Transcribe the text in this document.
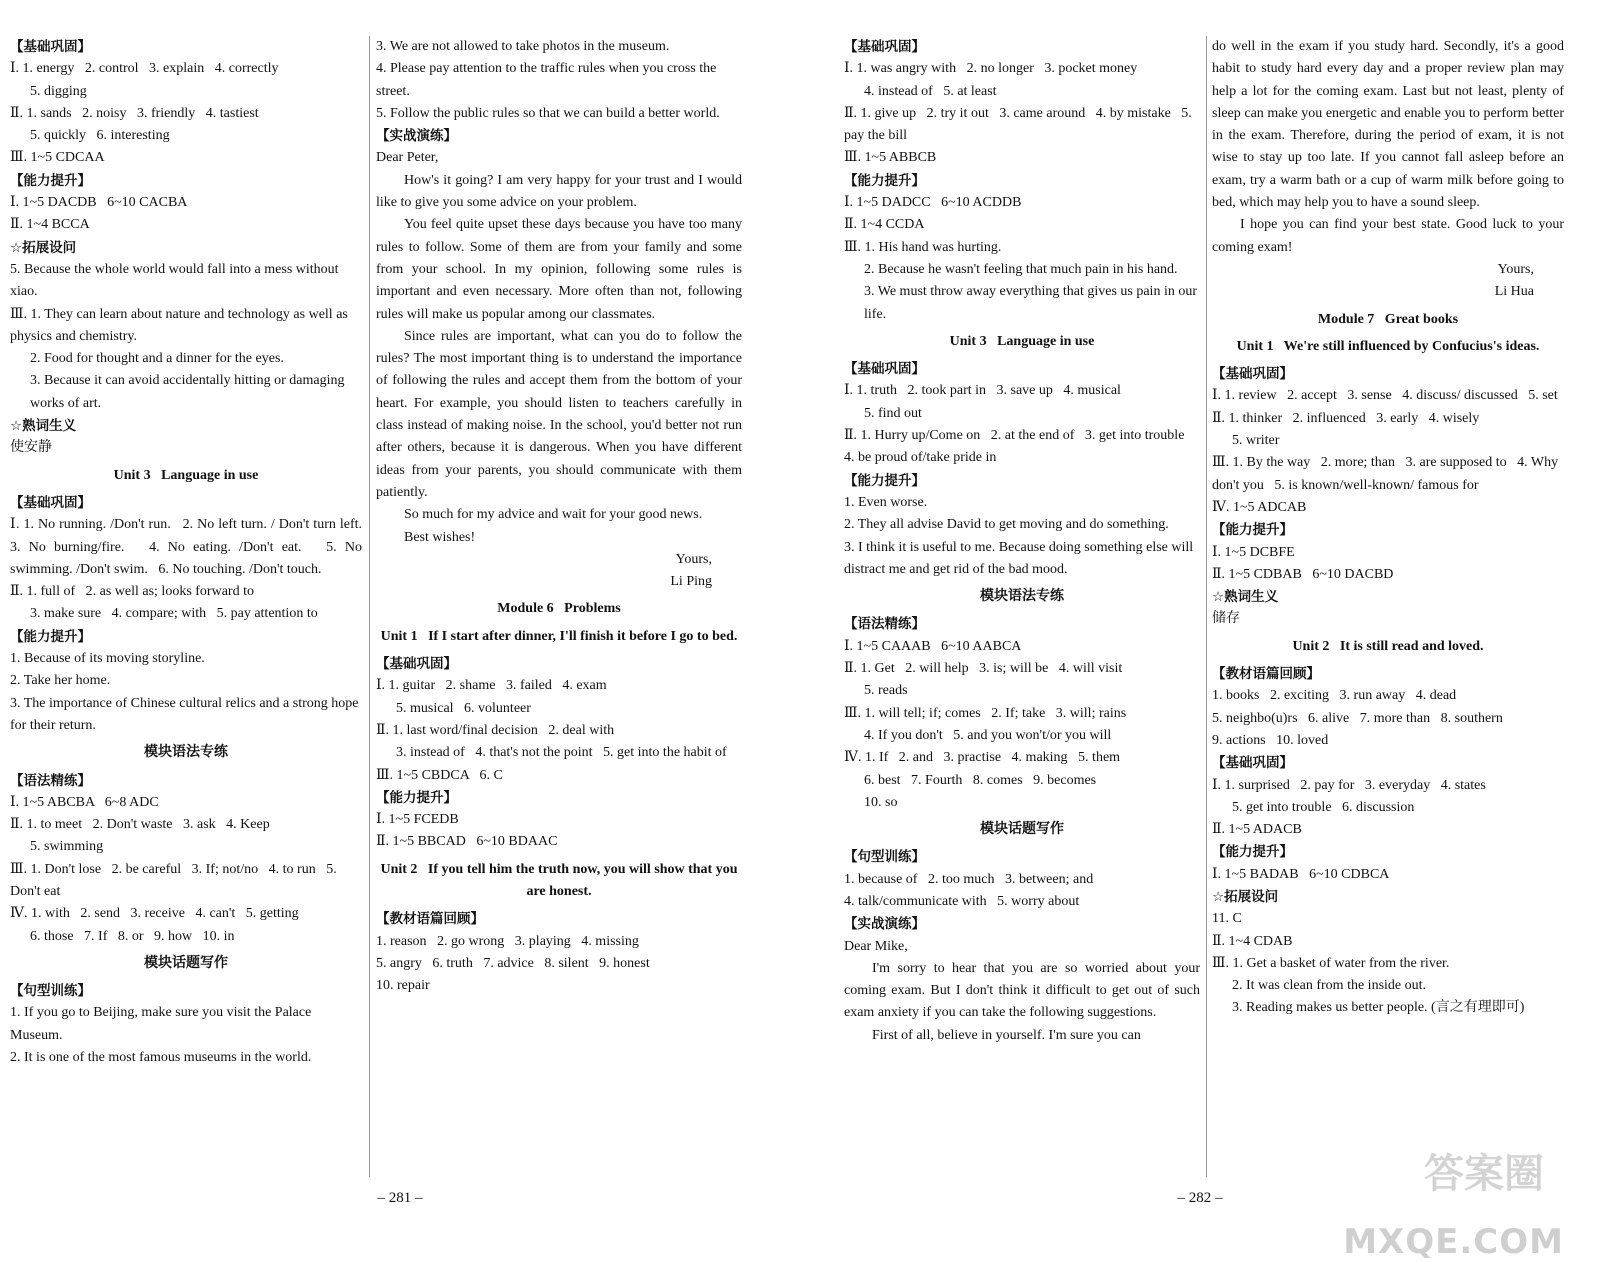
【基础巩固】
Ⅰ. 1. energy   2. control   3. explain   4. correctly
5. digging
Ⅱ. 1. sands   2. noisy   3. friendly   4. tastiest
5. quickly   6. interesting
Ⅲ. 1~5 CDCAA
【能力提升】
Ⅰ. 1~5 DACDB   6~10 CACBA
Ⅱ. 1~4 BCCA
☆拓展设问
5. Because the whole world would fall into a mess without xiao.
Ⅲ. 1. They can learn about nature and technology as well as physics and chemistry.
2. Food for thought and a dinner for the eyes.
3. Because it can avoid accidentally hitting or damaging works of art.
☆熟词生义
使安静
Unit 3   Language in use
【基础巩固】
Ⅰ. 1. No running. /Don't run.   2. No left turn. / Don't turn left.   3. No burning/fire.   4. No eating. /Don't eat.   5. No swimming. /Don't swim.   6. No touching. /Don't touch.
Ⅱ. 1. full of   2. as well as; looks forward to
3. make sure   4. compare; with   5. pay attention to
【能力提升】
1. Because of its moving storyline.
2. Take her home.
3. The importance of Chinese cultural relics and a strong hope for their return.
模块语法专练
【语法精练】
Ⅰ. 1~5 ABCBA   6~8 ADC
Ⅱ. 1. to meet   2. Don't waste   3. ask   4. Keep
5. swimming
Ⅲ. 1. Don't lose   2. be careful   3. If; not/no   4. to run   5. Don't eat
Ⅳ. 1. with   2. send   3. receive   4. can't   5. getting
6. those   7. If   8. or   9. how   10. in
模块话题写作
【句型训练】
1. If you go to Beijing, make sure you visit the Palace Museum.
2. It is one of the most famous museums in the world.
3. We are not allowed to take photos in the museum.
4. Please pay attention to the traffic rules when you cross the street.
5. Follow the public rules so that we can build a better world.
【实战演练】
Dear Peter,
How's it going? I am very happy for your trust and I would like to give you some advice on your problem.
You feel quite upset these days because you have too many rules to follow. Some of them are from your family and some from your school. In my opinion, following some rules is important and even necessary. More often than not, following rules will make us popular among our classmates.
Since rules are important, what can you do to follow the rules? The most important thing is to understand the importance of following the rules and accept them from the bottom of your heart. For example, you should listen to teachers carefully in class instead of making noise. In the school, you'd better not run after others, because it is dangerous. When you have different ideas from your parents, you should communicate with them patiently.
So much for my advice and wait for your good news.
Best wishes!
Yours,
Li Ping
Module 6   Problems
Unit 1   If I start after dinner, I'll finish it before I go to bed.
【基础巩固】
Ⅰ. 1. guitar   2. shame   3. failed   4. exam
5. musical   6. volunteer
Ⅱ. 1. last word/final decision   2. deal with
3. instead of   4. that's not the point   5. get into the habit of
Ⅲ. 1~5 CBDCA   6. C
【能力提升】
Ⅰ. 1~5 FCEDB
Ⅱ. 1~5 BBCAD   6~10 BDAAC
Unit 2   If you tell him the truth now, you will show that you are honest.
【教材语篇回顾】
1. reason   2. go wrong   3. playing   4. missing
5. angry   6. truth   7. advice   8. silent   9. honest
10. repair
– 281 –
【基础巩固】
Ⅰ. 1. was angry with   2. no longer   3. pocket money
4. instead of   5. at least
Ⅱ. 1. give up   2. try it out   3. came around   4. by mistake   5. pay the bill
Ⅲ. 1~5 ABBCB
【能力提升】
Ⅰ. 1~5 DADCC   6~10 ACDDB
Ⅱ. 1~4 CCDA
Ⅲ. 1. His hand was hurting.
2. Because he wasn't feeling that much pain in his hand.
3. We must throw away everything that gives us pain in our life.
Unit 3   Language in use
【基础巩固】
Ⅰ. 1. truth   2. took part in   3. save up   4. musical
5. find out
Ⅱ. 1. Hurry up/Come on   2. at the end of   3. get into trouble   4. be proud of/take pride in
【能力提升】
1. Even worse.
2. They all advise David to get moving and do something.
3. I think it is useful to me. Because doing something else will distract me and get rid of the bad mood.
模块语法专练
【语法精练】
Ⅰ. 1~5 CAAAB   6~10 AABCA
Ⅱ. 1. Get   2. will help   3. is; will be   4. will visit
5. reads
Ⅲ. 1. will tell; if; comes   2. If; take   3. will; rains
4. If you don't   5. and you won't/or you will
Ⅳ. 1. If   2. and   3. practise   4. making   5. them
6. best   7. Fourth   8. comes   9. becomes
10. so
模块话题写作
【句型训练】
1. because of   2. too much   3. between; and
4. talk/communicate with   5. worry about
【实战演练】
Dear Mike,
I'm sorry to hear that you are so worried about your coming exam. But I don't think it difficult to get out of such exam anxiety if you can take the following suggestions.
First of all, believe in yourself. I'm sure you can
do well in the exam if you study hard. Secondly, it's a good habit to study hard every day and a proper review plan may help a lot for the coming exam. Last but not least, plenty of sleep can make you energetic and enable you to perform better in the exam. Therefore, during the period of exam, it is not wise to stay up too late. If you cannot fall asleep before an exam, try a warm bath or a cup of warm milk before going to bed, which may help you to have a sound sleep.
I hope you can find your best state. Good luck to your coming exam!
Yours,
Li Hua
Module 7   Great books
Unit 1   We're still influenced by Confucius's ideas.
【基础巩固】
Ⅰ. 1. review   2. accept   3. sense   4. discuss/ discussed   5. set
Ⅱ. 1. thinker   2. influenced   3. early   4. wisely
5. writer
Ⅲ. 1. By the way   2. more; than   3. are supposed to   4. Why don't you   5. is known/well-known/ famous for
Ⅳ. 1~5 ADCAB
【能力提升】
Ⅰ. 1~5 DCBFE
Ⅱ. 1~5 CDBAB   6~10 DACBD
☆熟词生义
储存
Unit 2   It is still read and loved.
【教材语篇回顾】
1. books   2. exciting   3. run away   4. dead
5. neighbo(u)rs   6. alive   7. more than   8. southern
9. actions   10. loved
【基础巩固】
Ⅰ. 1. surprised   2. pay for   3. everyday   4. states
5. get into trouble   6. discussion
Ⅱ. 1~5 ADACB
【能力提升】
Ⅰ. 1~5 BADAB   6~10 CDBCA
☆拓展设问
11. C
Ⅱ. 1~4 CDAB
Ⅲ. 1. Get a basket of water from the river.
2. It was clean from the inside out.
3. Reading makes us better people. (言之有理即可)
– 282 –
答案圈
MXQE.COM
